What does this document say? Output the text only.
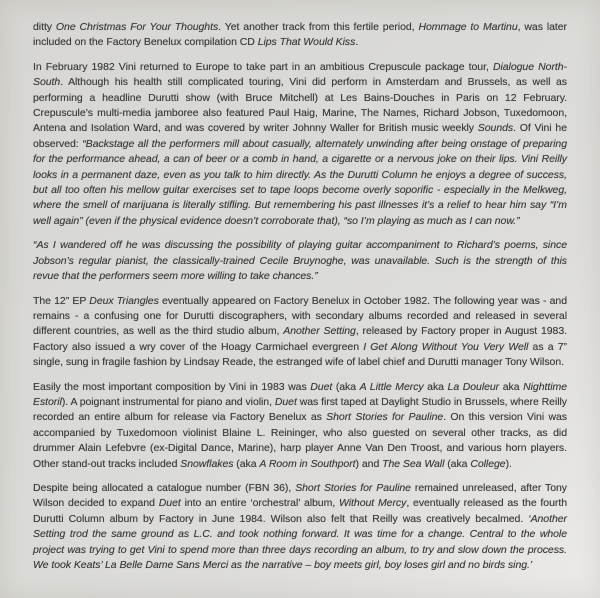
ditty One Christmas For Your Thoughts. Yet another track from this fertile period, Hommage to Martinu, was later included on the Factory Benelux compilation CD Lips That Would Kiss.

In February 1982 Vini returned to Europe to take part in an ambitious Crepuscule package tour, Dialogue North-South. Although his health still complicated touring, Vini did perform in Amsterdam and Brussels, as well as performing a headline Durutti show (with Bruce Mitchell) at Les Bains-Douches in Paris on 12 February. Crepuscule’s multi-media jamboree also featured Paul Haig, Marine, The Names, Richard Jobson, Tuxedomoon, Antena and Isolation Ward, and was covered by writer Johnny Waller for British music weekly Sounds. Of Vini he observed: “Backstage all the performers mill about casually, alternately unwinding after being onstage of preparing for the performance ahead, a can of beer or a comb in hand, a cigarette or a nervous joke on their lips. Vini Reilly looks in a permanent daze, even as you talk to him directly. As the Durutti Column he enjoys a degree of success, but all too often his mellow guitar exercises set to tape loops become overly soporific - especially in the Melkweg, where the smell of marijuana is literally stifling. But remembering his past illnesses it’s a relief to hear him say “I’m well again” (even if the physical evidence doesn’t corroborate that), “so I’m playing as much as I can now.”

“As I wandered off he was discussing the possibility of playing guitar accompaniment to Richard’s poems, since Jobson’s regular pianist, the classically-trained Cecile Bruynoghe, was unavailable. Such is the strength of this revue that the performers seem more willing to take chances.”

The 12” EP Deux Triangles eventually appeared on Factory Benelux in October 1982. The following year was - and remains - a confusing one for Durutti discographers, with secondary albums recorded and released in several different countries, as well as the third studio album, Another Setting, released by Factory proper in August 1983. Factory also issued a wry cover of the Hoagy Carmichael evergreen I Get Along Without You Very Well as a 7” single, sung in fragile fashion by Lindsay Reade, the estranged wife of label chief and Durutti manager Tony Wilson.

Easily the most important composition by Vini in 1983 was Duet (aka A Little Mercy aka La Douleur aka Nighttime Estoril). A poignant instrumental for piano and violin, Duet was first taped at Daylight Studio in Brussels, where Reilly recorded an entire album for release via Factory Benelux as Short Stories for Pauline. On this version Vini was accompanied by Tuxedomoon violinist Blaine L. Reininger, who also guested on several other tracks, as did drummer Alain Lefebvre (ex-Digital Dance, Marine), harp player Anne Van Den Troost, and various horn players. Other stand-out tracks included Snowflakes (aka A Room in Southport) and The Sea Wall (aka College).

Despite being allocated a catalogue number (FBN 36), Short Stories for Pauline remained unreleased, after Tony Wilson decided to expand Duet into an entire ‘orchestral’ album, Without Mercy, eventually released as the fourth Durutti Column album by Factory in June 1984. Wilson also felt that Reilly was creatively becalmed. ‘Another Setting trod the same ground as L.C. and took nothing forward. It was time for a change. Central to the whole project was trying to get Vini to spend more than three days recording an album, to try and slow down the process. We took Keats’ La Belle Dame Sans Merci as the narrative – boy meets girl, boy loses girl and no birds sing.’
